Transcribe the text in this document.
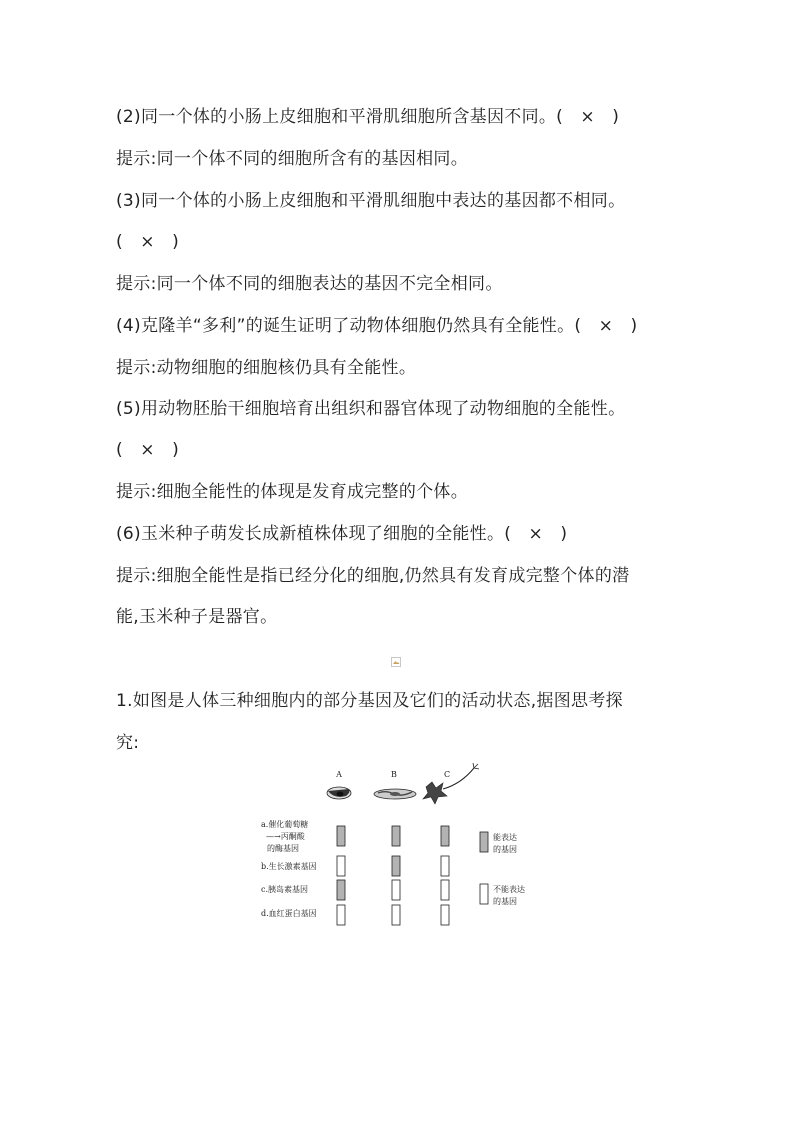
(2)同一个体的小肠上皮细胞和平滑肌细胞所含基因不同。(　×　)
提示:同一个体不同的细胞所含有的基因相同。
(3)同一个体的小肠上皮细胞和平滑肌细胞中表达的基因都不相同。
(　×　)
提示:同一个体不同的细胞表达的基因不完全相同。
(4)克隆羊“多利”的诞生证明了动物体细胞仍然具有全能性。(　×　)
提示:动物细胞的细胞核仍具有全能性。
(5)用动物胚胎干细胞培育出组织和器官体现了动物细胞的全能性。
(　×　)
提示:细胞全能性的体现是发育成完整的个体。
(6)玉米种子萌发长成新植株体现了细胞的全能性。(　×　)
提示:细胞全能性是指已经分化的细胞,仍然具有发育成完整个体的潜
能,玉米种子是器官。
1.如图是人体三种细胞内的部分基因及它们的活动状态,据图思考探
究:
A	B	C
a.催化葡萄糖
—→丙酮酸
的酶基因
b.生长激素基因
c.胰岛素基因
d.血红蛋白基因
能表达
的基因
不能表达
的基因
